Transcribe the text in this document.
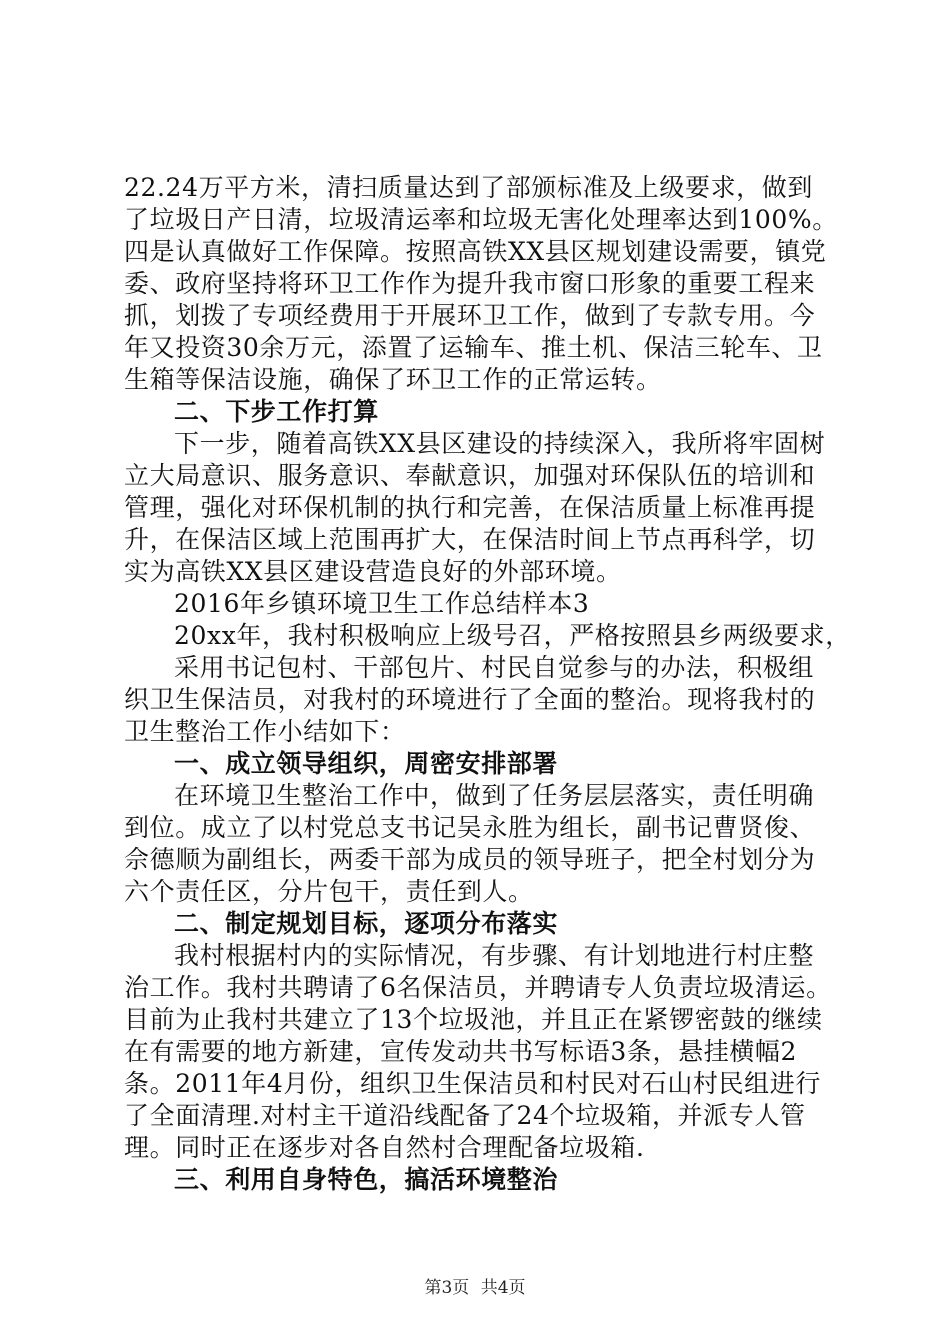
22.24万平方米，清扫质量达到了部颁标准及上级要求，做到
了垃圾日产日清，垃圾清运率和垃圾无害化处理率达到100%。
四是认真做好工作保障。按照高铁XX县区规划建设需要，镇党
委、政府坚持将环卫工作作为提升我市窗口形象的重要工程来
抓，划拨了专项经费用于开展环卫工作，做到了专款专用。今
年又投资30余万元，添置了运输车、推土机、保洁三轮车、卫
生箱等保洁设施，确保了环卫工作的正常运转。
二、下步工作打算
下一步，随着高铁XX县区建设的持续深入，我所将牢固树
立大局意识、服务意识、奉献意识，加强对环保队伍的培训和
管理，强化对环保机制的执行和完善，在保洁质量上标准再提
升，在保洁区域上范围再扩大，在保洁时间上节点再科学，切
实为高铁XX县区建设营造良好的外部环境。
2016年乡镇环境卫生工作总结样本3
20xx年，我村积极响应上级号召，严格按照县乡两级要求，
采用书记包村、干部包片、村民自觉参与的办法，积极组
织卫生保洁员，对我村的环境进行了全面的整治。现将我村的
卫生整治工作小结如下：
一、成立领导组织，周密安排部署
在环境卫生整治工作中，做到了任务层层落实，责任明确
到位。成立了以村党总支书记吴永胜为组长，副书记曹贤俊、
佘德顺为副组长，两委干部为成员的领导班子，把全村划分为
六个责任区，分片包干，责任到人。
二、制定规划目标，逐项分布落实
我村根据村内的实际情况，有步骤、有计划地进行村庄整
治工作。我村共聘请了6名保洁员，并聘请专人负责垃圾清运。
目前为止我村共建立了13个垃圾池，并且正在紧锣密鼓的继续
在有需要的地方新建，宣传发动共书写标语3条，悬挂横幅2
条。2011年4月份，组织卫生保洁员和村民对石山村民组进行
了全面清理.对村主干道沿线配备了24个垃圾箱，并派专人管
理。同时正在逐步对各自然村合理配备垃圾箱.
三、利用自身特色，搞活环境整治
第3页 共4页
